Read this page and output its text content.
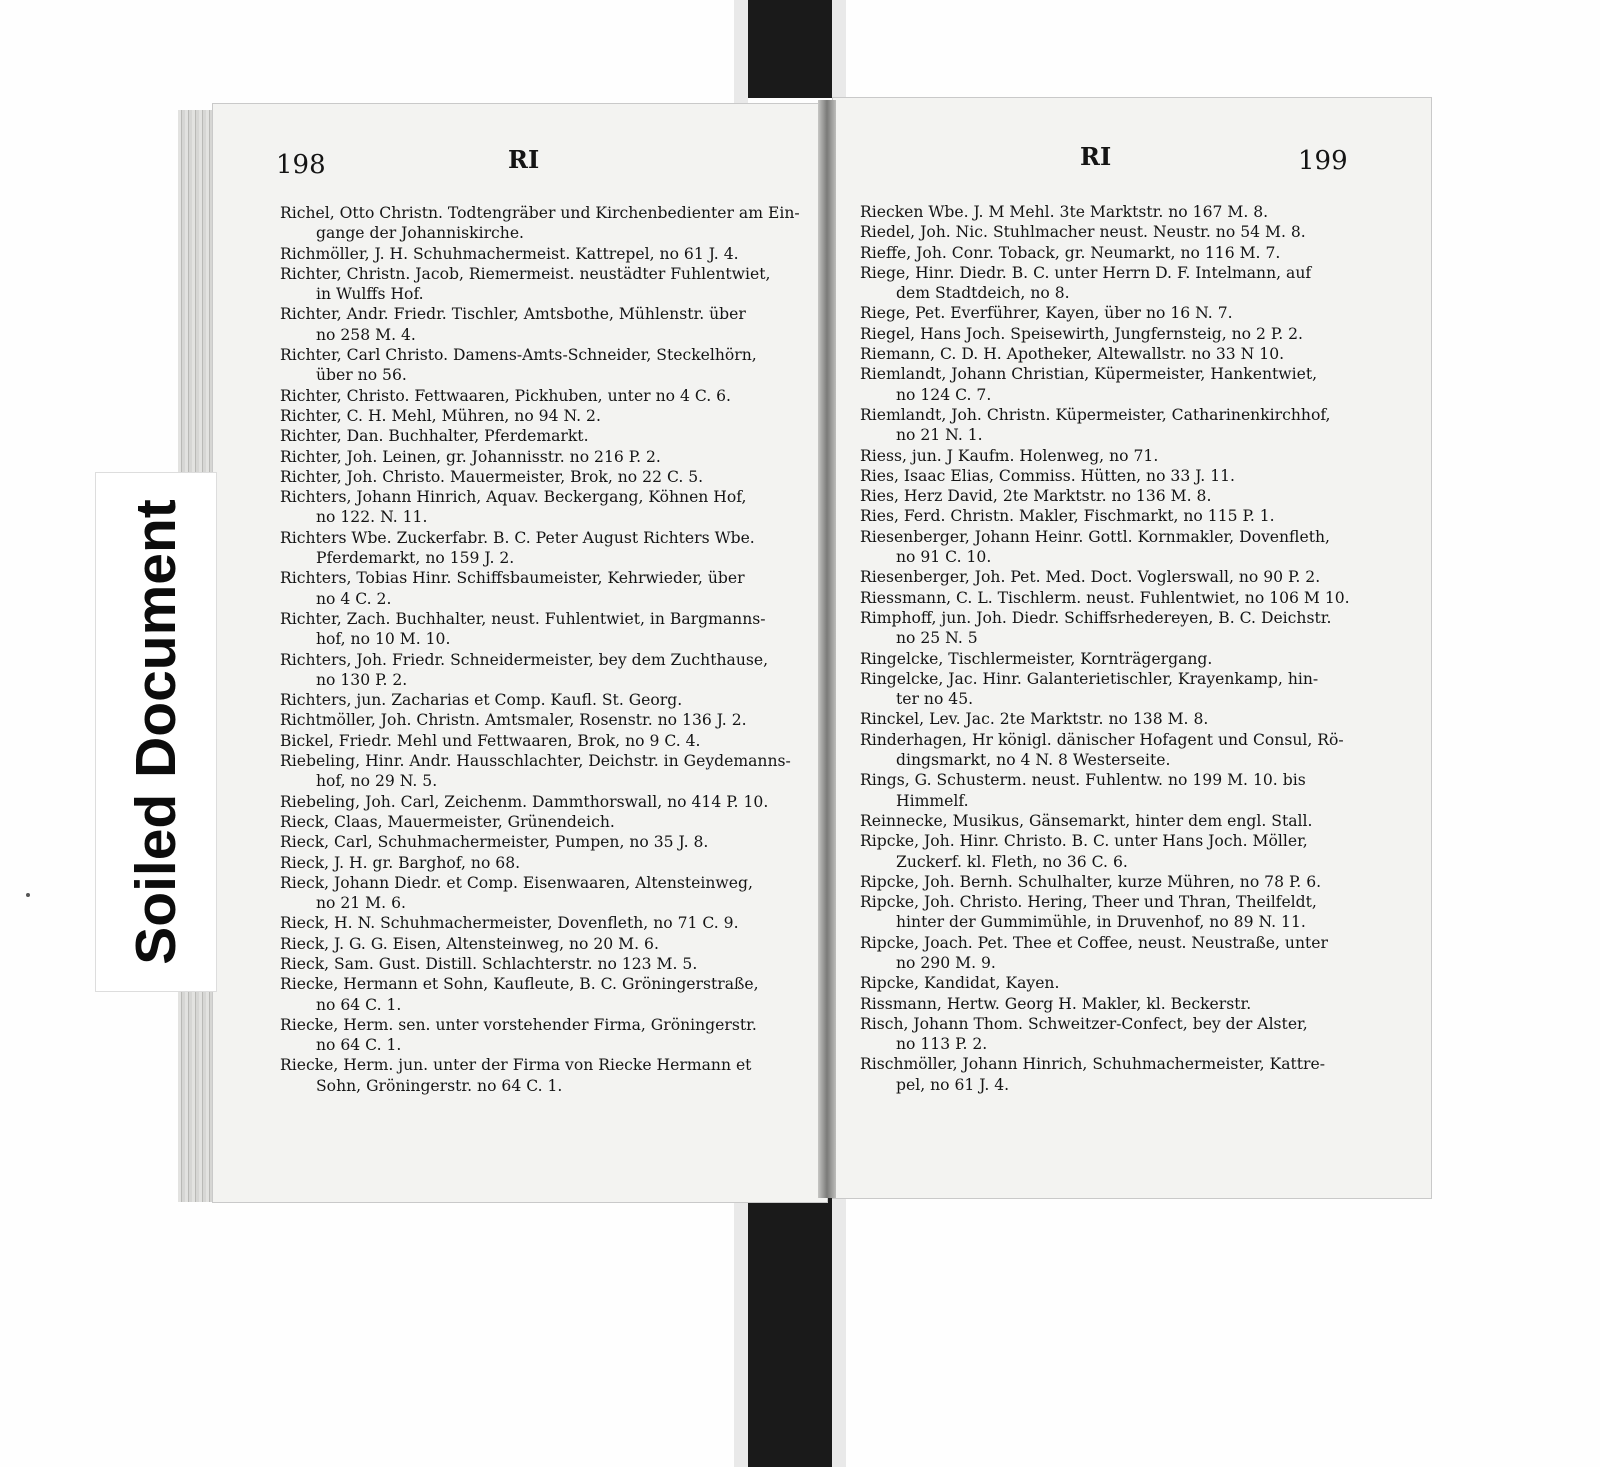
198	RI	RI	199
Richel, Otto Christn. Todtengräber und Kirchenbedienter am Ein-
gange der Johanniskirche.
Richmöller, J. H. Schuhmachermeist. Kattrepel, no 61 J. 4.
Richter, Christn. Jacob, Riemermeist. neustädter Fuhlentwiet,
in Wulffs Hof.
Richter, Andr. Friedr. Tischler, Amtsbothe, Mühlenstr. über
no 258 M. 4.
Richter, Carl Christo. Damens-Amts-Schneider, Steckelhörn,
über no 56.
Richter, Christo. Fettwaaren, Pickhuben, unter no 4 C. 6.
Richter, C. H. Mehl, Mühren, no 94 N. 2.
Richter, Dan. Buchhalter, Pferdemarkt.
Richter, Joh. Leinen, gr. Johannisstr. no 216 P. 2.
Richter, Joh. Christo. Mauermeister, Brok, no 22 C. 5.
Richters, Johann Hinrich, Aquav. Beckergang, Köhnen Hof,
no 122. N. 11.
Richters Wbe. Zuckerfabr. B. C. Peter August Richters Wbe.
Pferdemarkt, no 159 J. 2.
Richters, Tobias Hinr. Schiffsbaumeister, Kehrwieder, über
no 4 C. 2.
Richter, Zach. Buchhalter, neust. Fuhlentwiet, in Bargmanns-
hof, no 10 M. 10.
Richters, Joh. Friedr. Schneidermeister, bey dem Zuchthause,
no 130 P. 2.
Richters, jun. Zacharias et Comp. Kaufl. St. Georg.
Richtmöller, Joh. Christn. Amtsmaler, Rosenstr. no 136 J. 2.
Bickel, Friedr. Mehl und Fettwaaren, Brok, no 9 C. 4.
Riebeling, Hinr. Andr. Hausschlachter, Deichstr. in Geydemanns-
hof, no 29 N. 5.
Riebeling, Joh. Carl, Zeichenm. Dammthorswall, no 414 P. 10.
Rieck, Claas, Mauermeister, Grünendeich.
Rieck, Carl, Schuhmachermeister, Pumpen, no 35 J. 8.
Rieck, J. H. gr. Barghof, no 68.
Rieck, Johann Diedr. et Comp. Eisenwaaren, Altensteinweg,
no 21 M. 6.
Rieck, H. N. Schuhmachermeister, Dovenfleth, no 71 C. 9.
Rieck, J. G. G. Eisen, Altensteinweg, no 20 M. 6.
Rieck, Sam. Gust. Distill. Schlachterstr. no 123 M. 5.
Riecke, Hermann et Sohn, Kaufleute, B. C. Gröningerstraße,
no 64 C. 1.
Riecke, Herm. sen. unter vorstehender Firma, Gröningerstr.
no 64 C. 1.
Riecke, Herm. jun. unter der Firma von Riecke Hermann et
Sohn, Gröningerstr. no 64 C. 1.
Riecken Wbe. J. M Mehl. 3te Marktstr. no 167 M. 8.
Riedel, Joh. Nic. Stuhlmacher neust. Neustr. no 54 M. 8.
Rieffe, Joh. Conr. Toback, gr. Neumarkt, no 116 M. 7.
Riege, Hinr. Diedr. B. C. unter Herrn D. F. Intelmann, auf
dem Stadtdeich, no 8.
Riege, Pet. Everführer, Kayen, über no 16 N. 7.
Riegel, Hans Joch. Speisewirth, Jungfernsteig, no 2 P. 2.
Riemann, C. D. H. Apotheker, Altewallstr. no 33 N 10.
Riemlandt, Johann Christian, Küpermeister, Hankentwiet,
no 124 C. 7.
Riemlandt, Joh. Christn. Küpermeister, Catharinenkirchhof,
no 21 N. 1.
Riess, jun. J Kaufm. Holenweg, no 71.
Ries, Isaac Elias, Commiss. Hütten, no 33 J. 11.
Ries, Herz David, 2te Marktstr. no 136 M. 8.
Ries, Ferd. Christn. Makler, Fischmarkt, no 115 P. 1.
Riesenberger, Johann Heinr. Gottl. Kornmakler, Dovenfleth,
no 91 C. 10.
Riesenberger, Joh. Pet. Med. Doct. Voglerswall, no 90 P. 2.
Riessmann, C. L. Tischlerm. neust. Fuhlentwiet, no 106 M 10.
Rimphoff, jun. Joh. Diedr. Schiffsrhedereyen, B. C. Deichstr.
no 25 N. 5
Ringelcke, Tischlermeister, Kornträgergang.
Ringelcke, Jac. Hinr. Galanterietischler, Krayenkamp, hin-
ter no 45.
Rinckel, Lev. Jac. 2te Marktstr. no 138 M. 8.
Rinderhagen, Hr königl. dänischer Hofagent und Consul, Rö-
dingsmarkt, no 4 N. 8 Westerseite.
Rings, G. Schusterm. neust. Fuhlentw. no 199 M. 10. bis
Himmelf.
Reinnecke, Musikus, Gänsemarkt, hinter dem engl. Stall.
Ripcke, Joh. Hinr. Christo. B. C. unter Hans Joch. Möller,
Zuckerf. kl. Fleth, no 36 C. 6.
Ripcke, Joh. Bernh. Schulhalter, kurze Mühren, no 78 P. 6.
Ripcke, Joh. Christo. Hering, Theer und Thran, Theilfeldt,
hinter der Gummimühle, in Druvenhof, no 89 N. 11.
Ripcke, Joach. Pet. Thee et Coffee, neust. Neustraße, unter
no 290 M. 9.
Ripcke, Kandidat, Kayen.
Rissmann, Hertw. Georg H. Makler, kl. Beckerstr.
Risch, Johann Thom. Schweitzer-Confect, bey der Alster,
no 113 P. 2.
Rischmöller, Johann Hinrich, Schuhmachermeister, Kattre-
pel, no 61 J. 4.
Soiled Document
